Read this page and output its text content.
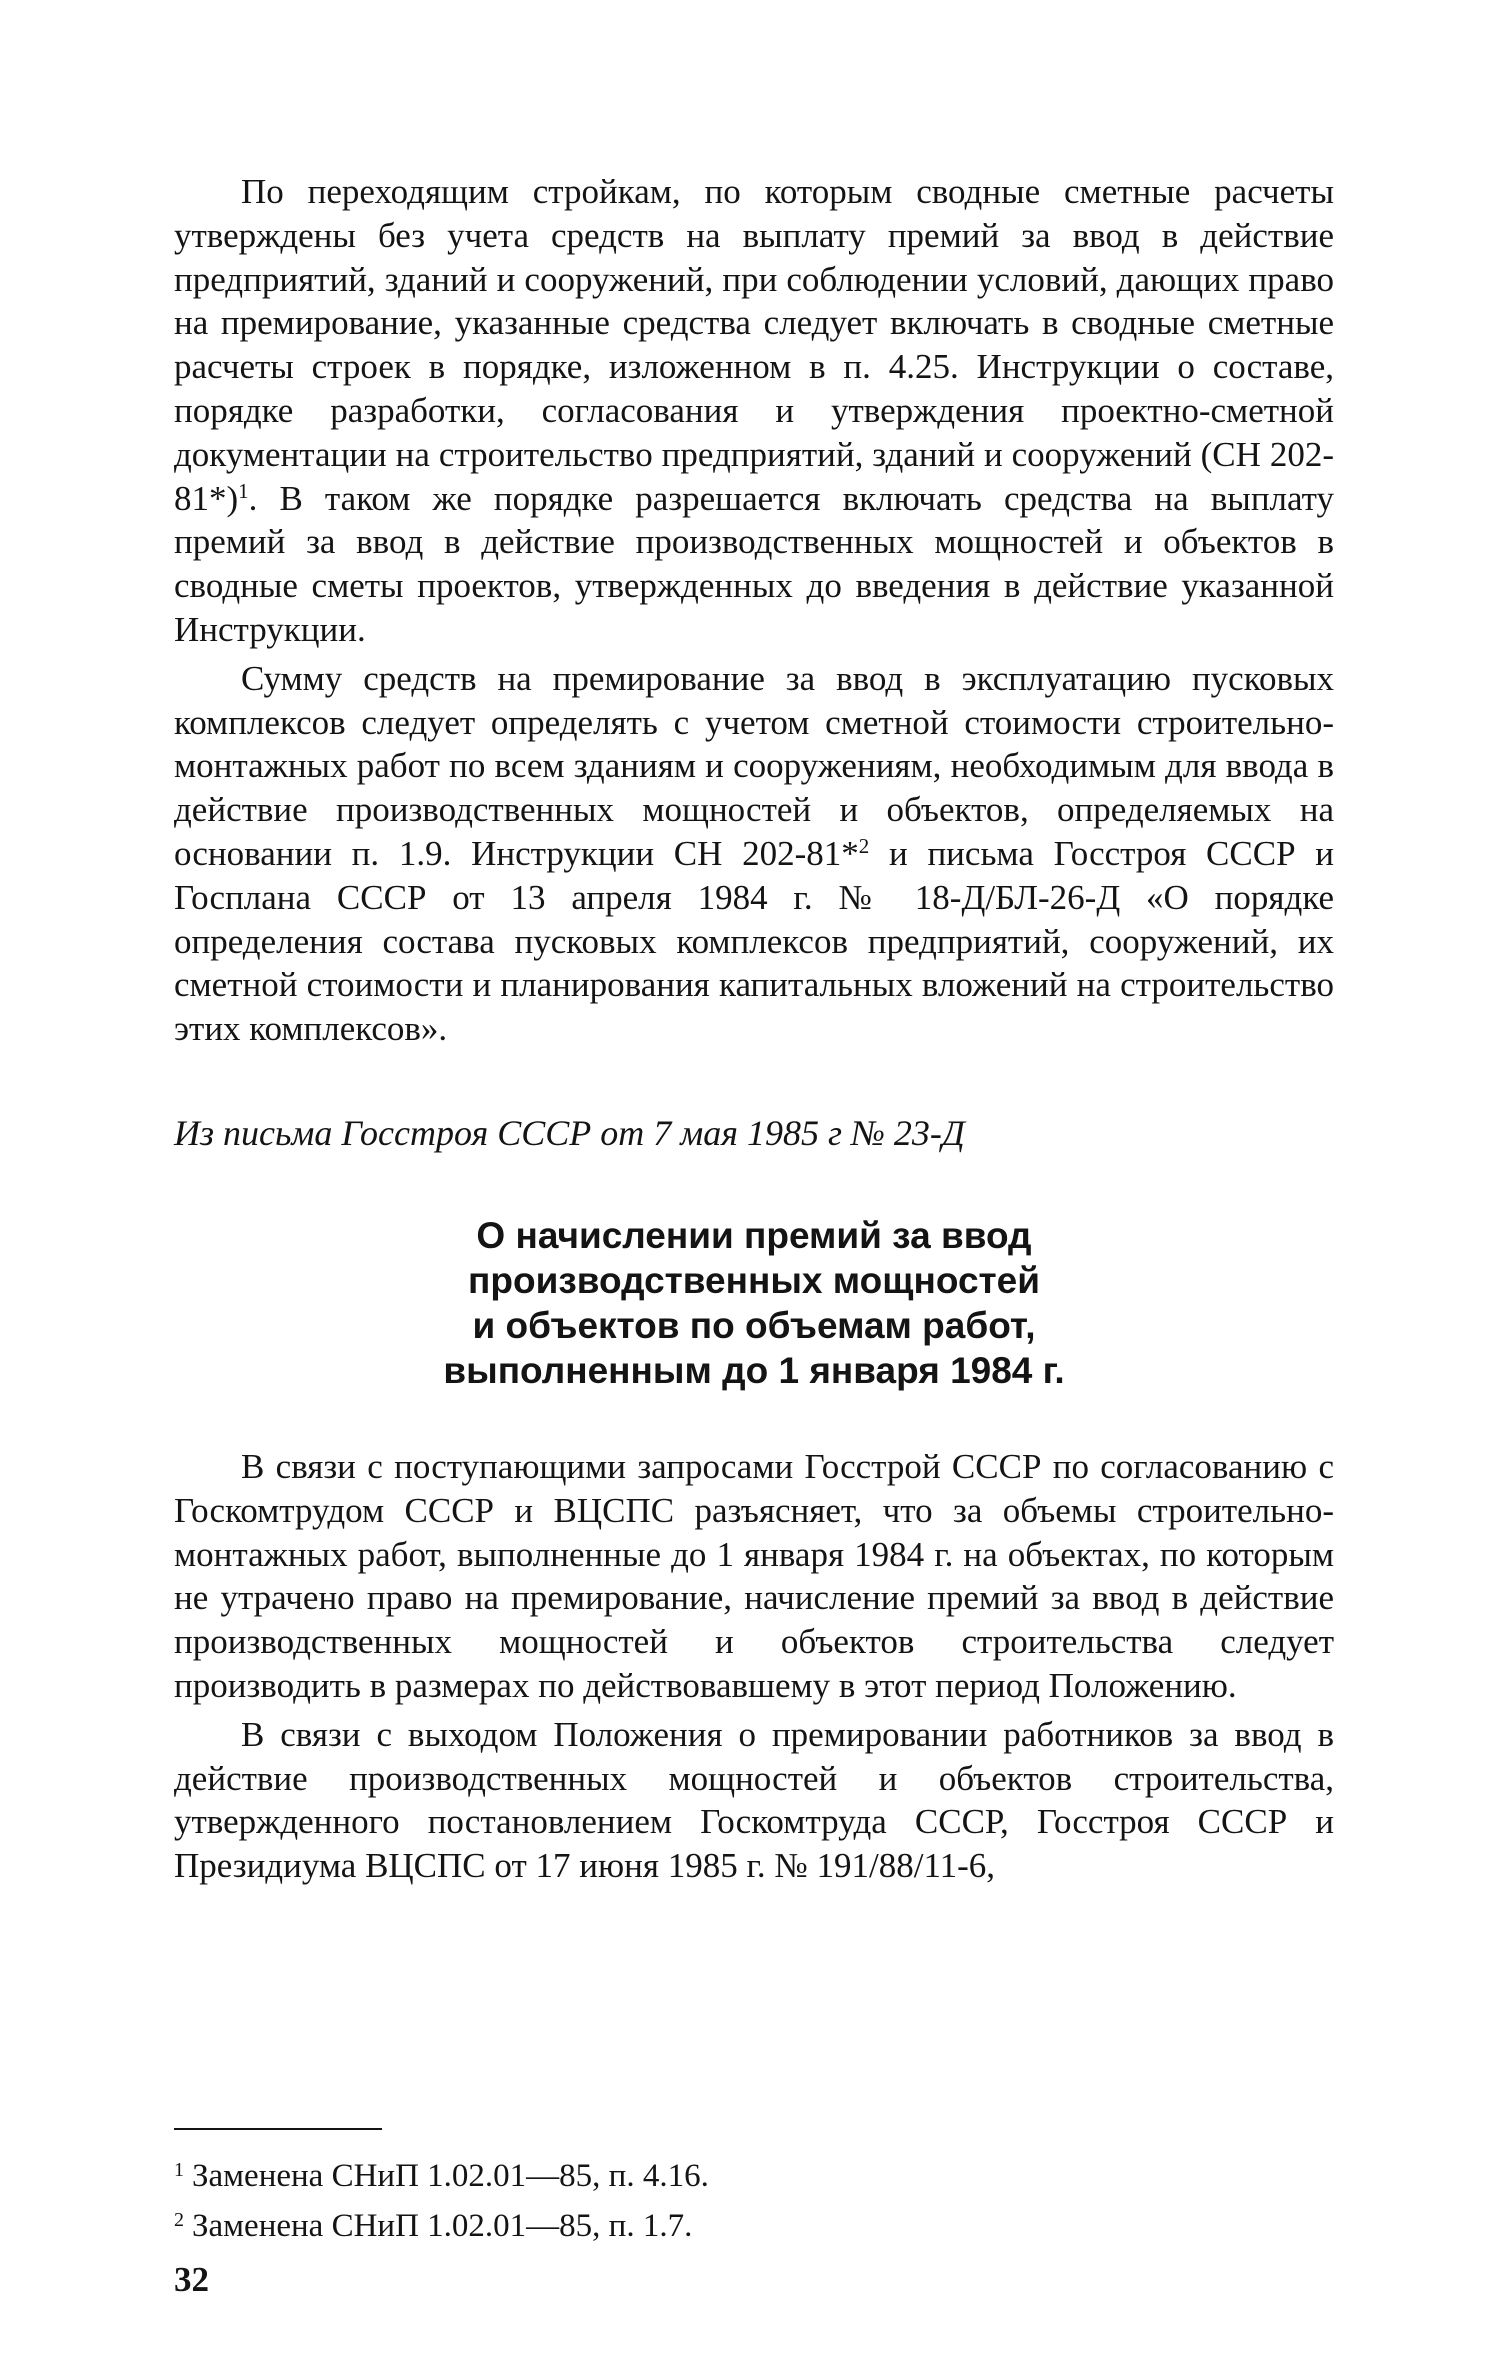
По переходящим стройкам, по которым сводные сметные расчеты утверждены без учета средств на выплату премий за ввод в действие предприятий, зданий и сооружений, при соблюдении условий, дающих право на премирование, указанные средства следует включать в сводные сметные расчеты строек в порядке, изложенном в п. 4.25. Инструкции о составе, порядке разработки, согласования и утверждения проектно-сметной документации на строительство предприятий, зданий и сооружений (СН 202-81*)$^1$. В таком же порядке разрешается включать средства на выплату премий за ввод в действие производственных мощностей и объектов в сводные сметы проектов, утвержденных до введения в действие указанной Инструкции.

Сумму средств на премирование за ввод в эксплуатацию пусковых комплексов следует определять с учетом сметной стоимости строительно-монтажных работ по всем зданиям и сооружениям, необходимым для ввода в действие производственных мощностей и объектов, определяемых на основании п. 1.9. Инструкции СН 202-81*$^2$ и письма Госстроя СССР и Госплана СССР от 13 апреля 1984 г. № 18-Д/БЛ-26-Д «О порядке определения состава пусковых комплексов предприятий, сооружений, их сметной стоимости и планирования капитальных вложений на строительство этих комплексов».

Из письма Госстроя СССР от 7 мая 1985 г № 23-Д

О начислении премий за ввод
производственных мощностей
и объектов по объемам работ,
выполненным до 1 января 1984 г.

В связи с поступающими запросами Госстрой СССР по согласованию с Госкомтрудом СССР и ВЦСПС разъясняет, что за объемы строительно-монтажных работ, выполненные до 1 января 1984 г. на объектах, по которым не утрачено право на премирование, начисление премий за ввод в действие производственных мощностей и объектов строительства следует производить в размерах по действовавшему в этот период Положению.

В связи с выходом Положения о премировании работников за ввод в действие производственных мощностей и объектов строительства, утвержденного постановлением Госкомтруда СССР, Госстроя СССР и Президиума ВЦСПС от 17 июня 1985 г. № 191/88/11-6,

$^1$ Заменена СНиП 1.02.01—85, п. 4.16.

$^2$ Заменена СНиП 1.02.01—85, п. 1.7.

32
